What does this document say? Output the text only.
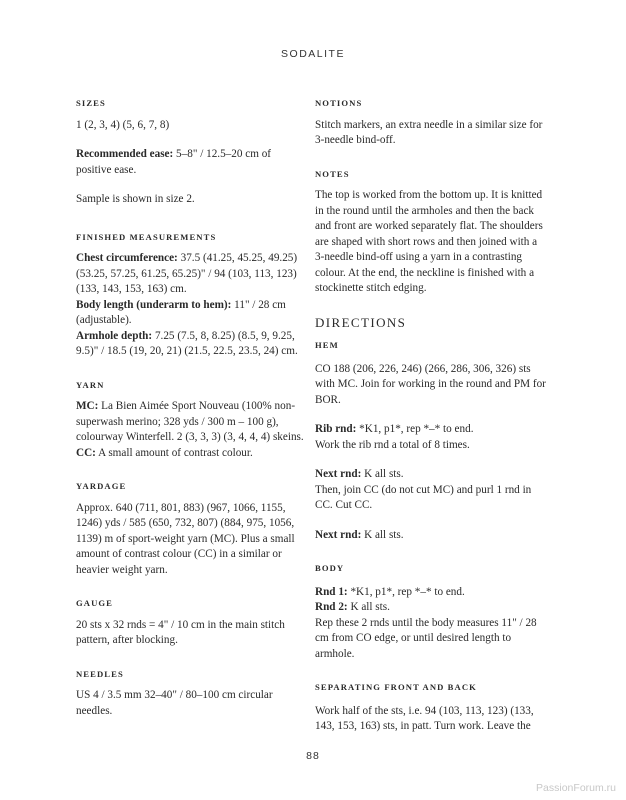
SODALITE

SIZES

1 (2, 3, 4) (5, 6, 7, 8)

Recommended ease: 5–8" / 12.5–20 cm of positive ease.

Sample is shown in size 2.

FINISHED MEASUREMENTS

Chest circumference: 37.5 (41.25, 45.25, 49.25) (53.25, 57.25, 61.25, 65.25)" / 94 (103, 113, 123) (133, 143, 153, 163) cm.

Body length (underarm to hem): 11" / 28 cm (adjustable).

Armhole depth: 7.25 (7.5, 8, 8.25) (8.5, 9, 9.25, 9.5)" / 18.5 (19, 20, 21) (21.5, 22.5, 23.5, 24) cm.

YARN

MC: La Bien Aimée Sport Nouveau (100% non-superwash merino; 328 yds / 300 m – 100 g), colourway Winterfell. 2 (3, 3, 3) (3, 4, 4, 4) skeins.

CC: A small amount of contrast colour.

YARDAGE

Approx. 640 (711, 801, 883) (967, 1066, 1155, 1246) yds / 585 (650, 732, 807) (884, 975, 1056, 1139) m of sport-weight yarn (MC). Plus a small amount of contrast colour (CC) in a similar or heavier weight yarn.

GAUGE

20 sts x 32 rnds = 4" / 10 cm in the main stitch pattern, after blocking.

NEEDLES

US 4 / 3.5 mm 32–40" / 80–100 cm circular needles.

NOTIONS

Stitch markers, an extra needle in a similar size for 3-needle bind-off.

NOTES

The top is worked from the bottom up. It is knitted in the round until the armholes and then the back and front are worked separately flat. The shoulders are shaped with short rows and then joined with a 3-needle bind-off using a yarn in a contrasting colour. At the end, the neckline is finished with a stockinette stitch edging.

DIRECTIONS

HEM

CO 188 (206, 226, 246) (266, 286, 306, 326) sts with MC. Join for working in the round and PM for BOR.

Rib rnd: *K1, p1*, rep *–* to end.

Work the rib rnd a total of 8 times.

Next rnd: K all sts.

Then, join CC (do not cut MC) and purl 1 rnd in CC. Cut CC.

Next rnd: K all sts.

BODY

Rnd 1: *K1, p1*, rep *–* to end.

Rnd 2: K all sts.

Rep these 2 rnds until the body measures 11" / 28 cm from CO edge, or until desired length to armhole.

SEPARATING FRONT AND BACK

Work half of the sts, i.e. 94 (103, 113, 123) (133, 143, 153, 163) sts, in patt. Turn work. Leave the

88
PassionForum.ru
